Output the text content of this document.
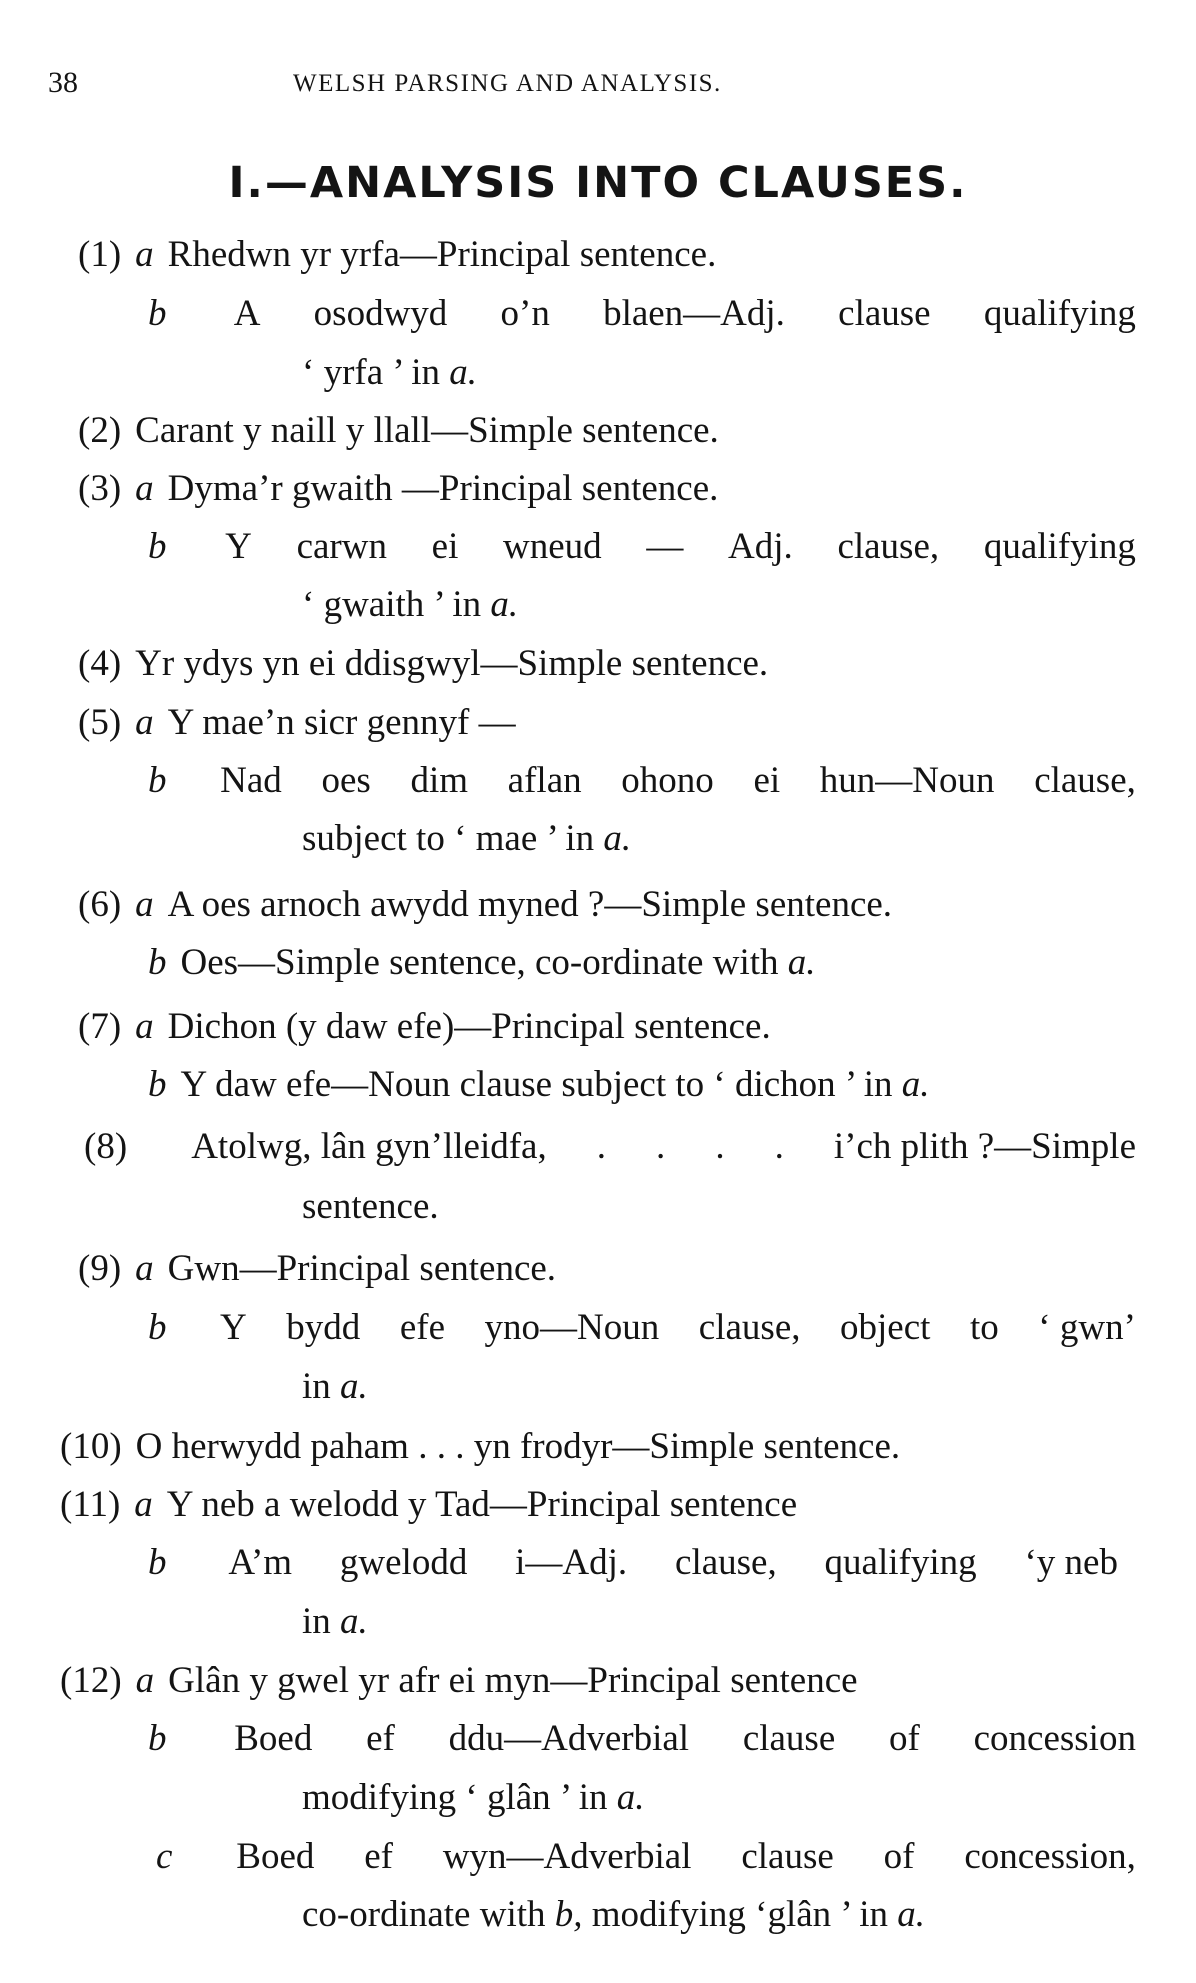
38	WELSH PARSING AND ANALYSIS.
I.—ANALYSIS INTO CLAUSES.
(1) a Rhedwn yr yrfa—Principal sentence.
b A osodwyd o’n blaen—Adj. clause qualifying
‘ yrfa ’ in a.
(2) Carant y naill y llall—Simple sentence.
(3) a Dyma’r gwaith —Principal sentence.
b Y carwn ei wneud — Adj. clause, qualifying
‘ gwaith ’ in a.
(4) Yr ydys yn ei ddisgwyl—Simple sentence.
(5) a Y mae’n sicr gennyf —
b Nad oes dim aflan ohono ei hun—Noun clause,
subject to ‘ mae ’ in a.
(6) a A oes arnoch awydd myned ?—Simple sentence.
b Oes—Simple sentence, co-ordinate with a.
(7) a Dichon (y daw efe)—Principal sentence.
b Y daw efe—Noun clause subject to ‘ dichon ’ in a.
(8) Atolwg, lân gyn’lleidfa, . . . . i’ch plith ?—Simple
sentence.
(9) a Gwn—Principal sentence.
b Y bydd efe yno—Noun clause, object to ‘ gwn’
in a.
(10) O herwydd paham . . . yn frodyr—Simple sentence.
(11) a Y neb a welodd y Tad—Principal sentence
b A’m gwelodd i—Adj. clause, qualifying ‘y neb
in a.
(12) a Glân y gwel yr afr ei myn—Principal sentence
b Boed ef ddu—Adverbial clause of concession
modifying ‘ glân ’ in a.
c Boed ef wyn—Adverbial clause of concession,
co-ordinate with b, modifying ‘glân ’ in a.
